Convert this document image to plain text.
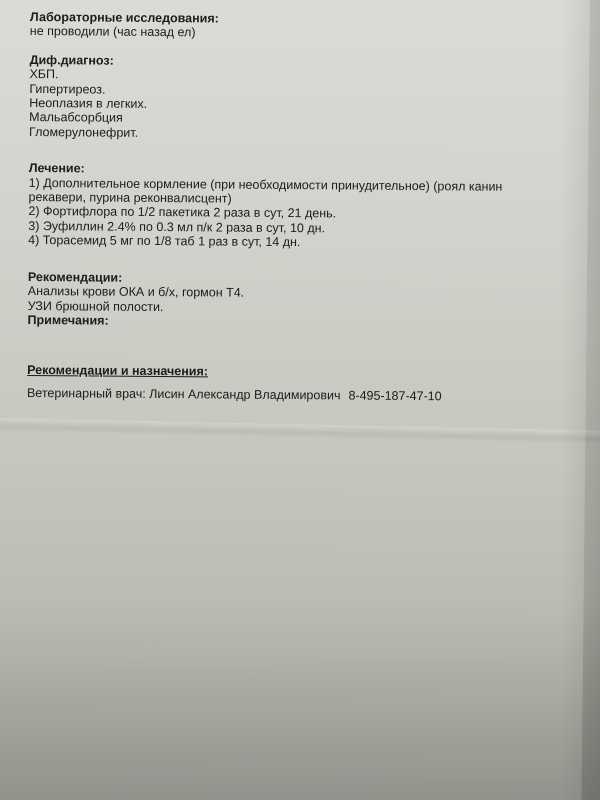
Лабораторные исследования:
не проводили (час назад ел)
Диф.диагноз:
ХБП.
Гипертиреоз.
Неоплазия в легких.
Мальабсорбция
Гломерулонефрит.
Лечение:
1) Дополнительное кормление (при необходимости принудительное) (роял канин рекавери, пурина реконвалисцент)
2) Фортифлора по 1/2 пакетика 2 раза в сут, 21 день.
3) Эуфиллин 2.4% по 0.3 мл п/к 2 раза в сут, 10 дн.
4) Торасемид 5 мг по 1/8 таб 1 раз в сут, 14 дн.
Рекомендации:
Анализы крови ОКА и б/х, гормон Т4.
УЗИ брюшной полости.
Примечания:
Рекомендации и назначения:
Ветеринарный врач: Лисин Александр Владимирович 8-495-187-47-10
